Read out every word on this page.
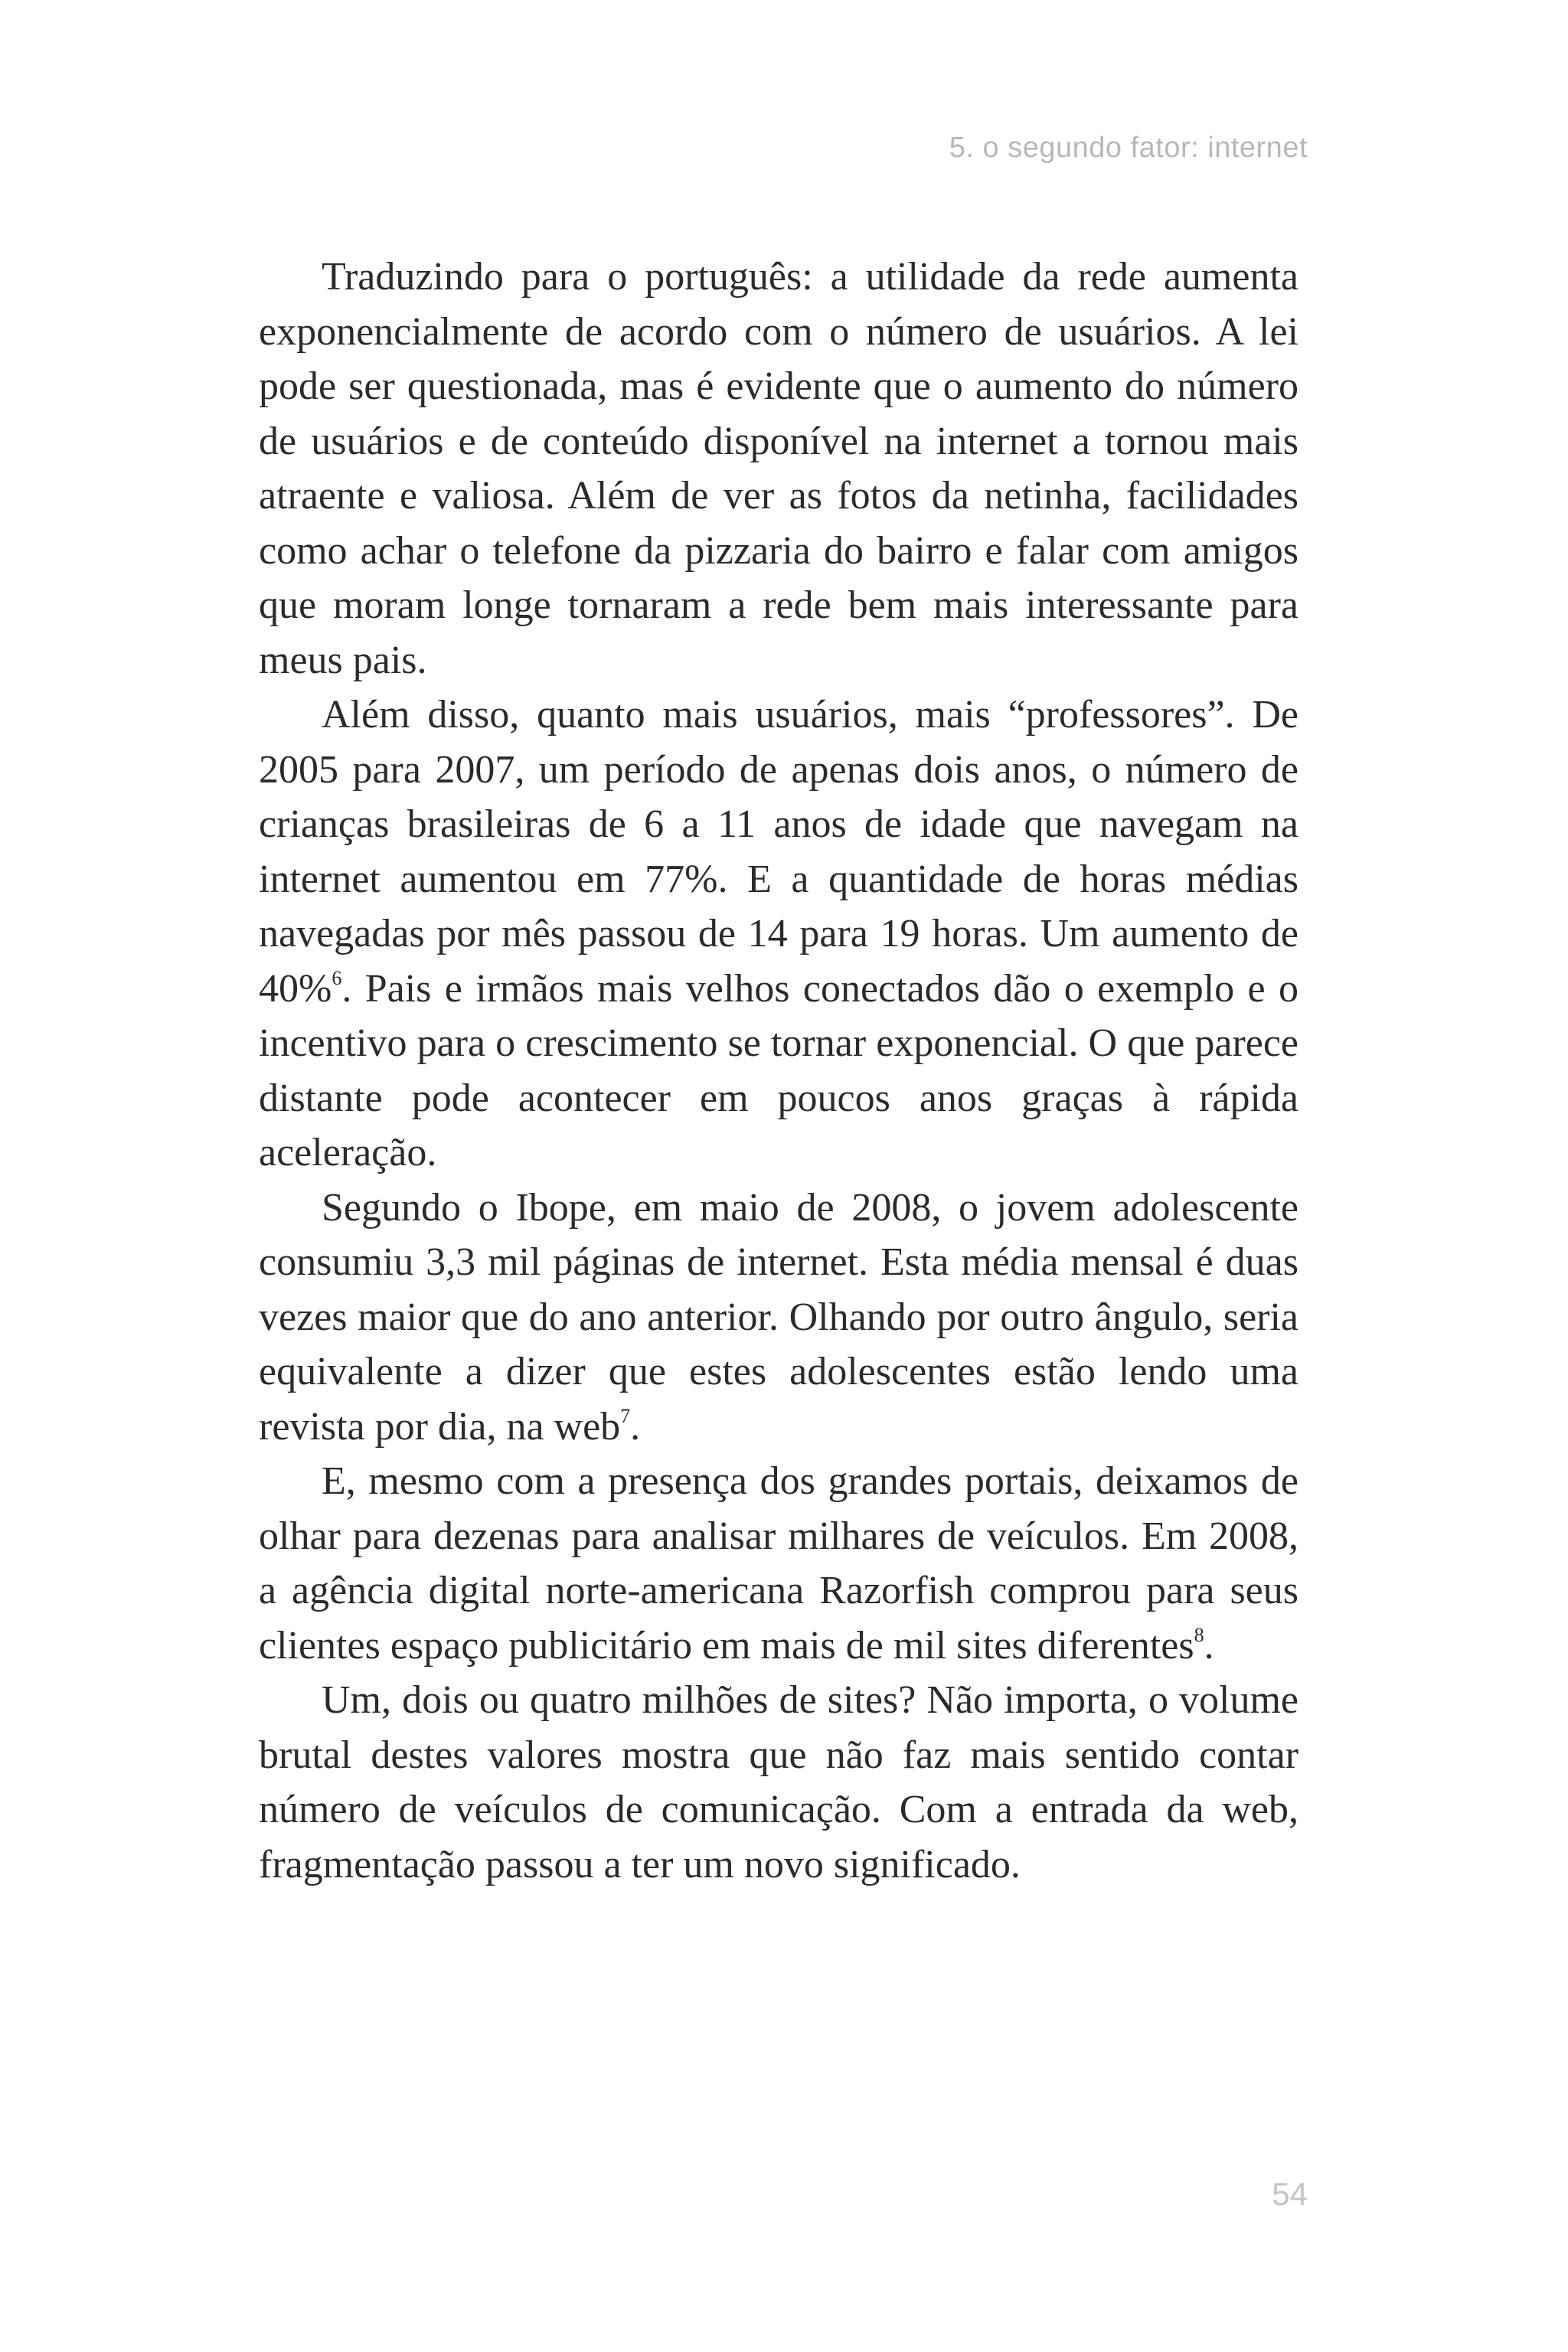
5. o segundo fator: internet

Traduzindo para o português: a utilidade da rede aumenta exponencialmente de acordo com o número de usuários. A lei pode ser questionada, mas é evidente que o aumento do número de usuários e de conteúdo disponível na internet a tornou mais atraente e valiosa. Além de ver as fotos da netinha, facilidades como achar o telefone da pizzaria do bairro e falar com amigos que moram longe tornaram a rede bem mais interessante para meus pais.

Além disso, quanto mais usuários, mais “professores”. De 2005 para 2007, um período de apenas dois anos, o número de crianças brasileiras de 6 a 11 anos de idade que navegam na internet aumentou em 77%. E a quantidade de horas médias navegadas por mês passou de 14 para 19 horas. Um aumento de 40%$^6$. Pais e irmãos mais velhos conectados dão o exemplo e o incentivo para o crescimento se tornar exponencial. O que parece distante pode acontecer em poucos anos graças à rápida aceleração.

Segundo o Ibope, em maio de 2008, o jovem adolescente consumiu 3,3 mil páginas de internet. Esta média mensal é duas vezes maior que do ano anterior. Olhando por outro ângulo, seria equivalente a dizer que estes adolescentes estão lendo uma revista por dia, na web$^7$.

E, mesmo com a presença dos grandes portais, deixamos de olhar para dezenas para analisar milhares de veículos. Em 2008, a agência digital norte-americana Razorfish comprou para seus clientes espaço publicitário em mais de mil sites diferentes$^8$.

Um, dois ou quatro milhões de sites? Não importa, o volume brutal destes valores mostra que não faz mais sentido contar número de veículos de comunicação. Com a entrada da web, fragmentação passou a ter um novo significado.

54
